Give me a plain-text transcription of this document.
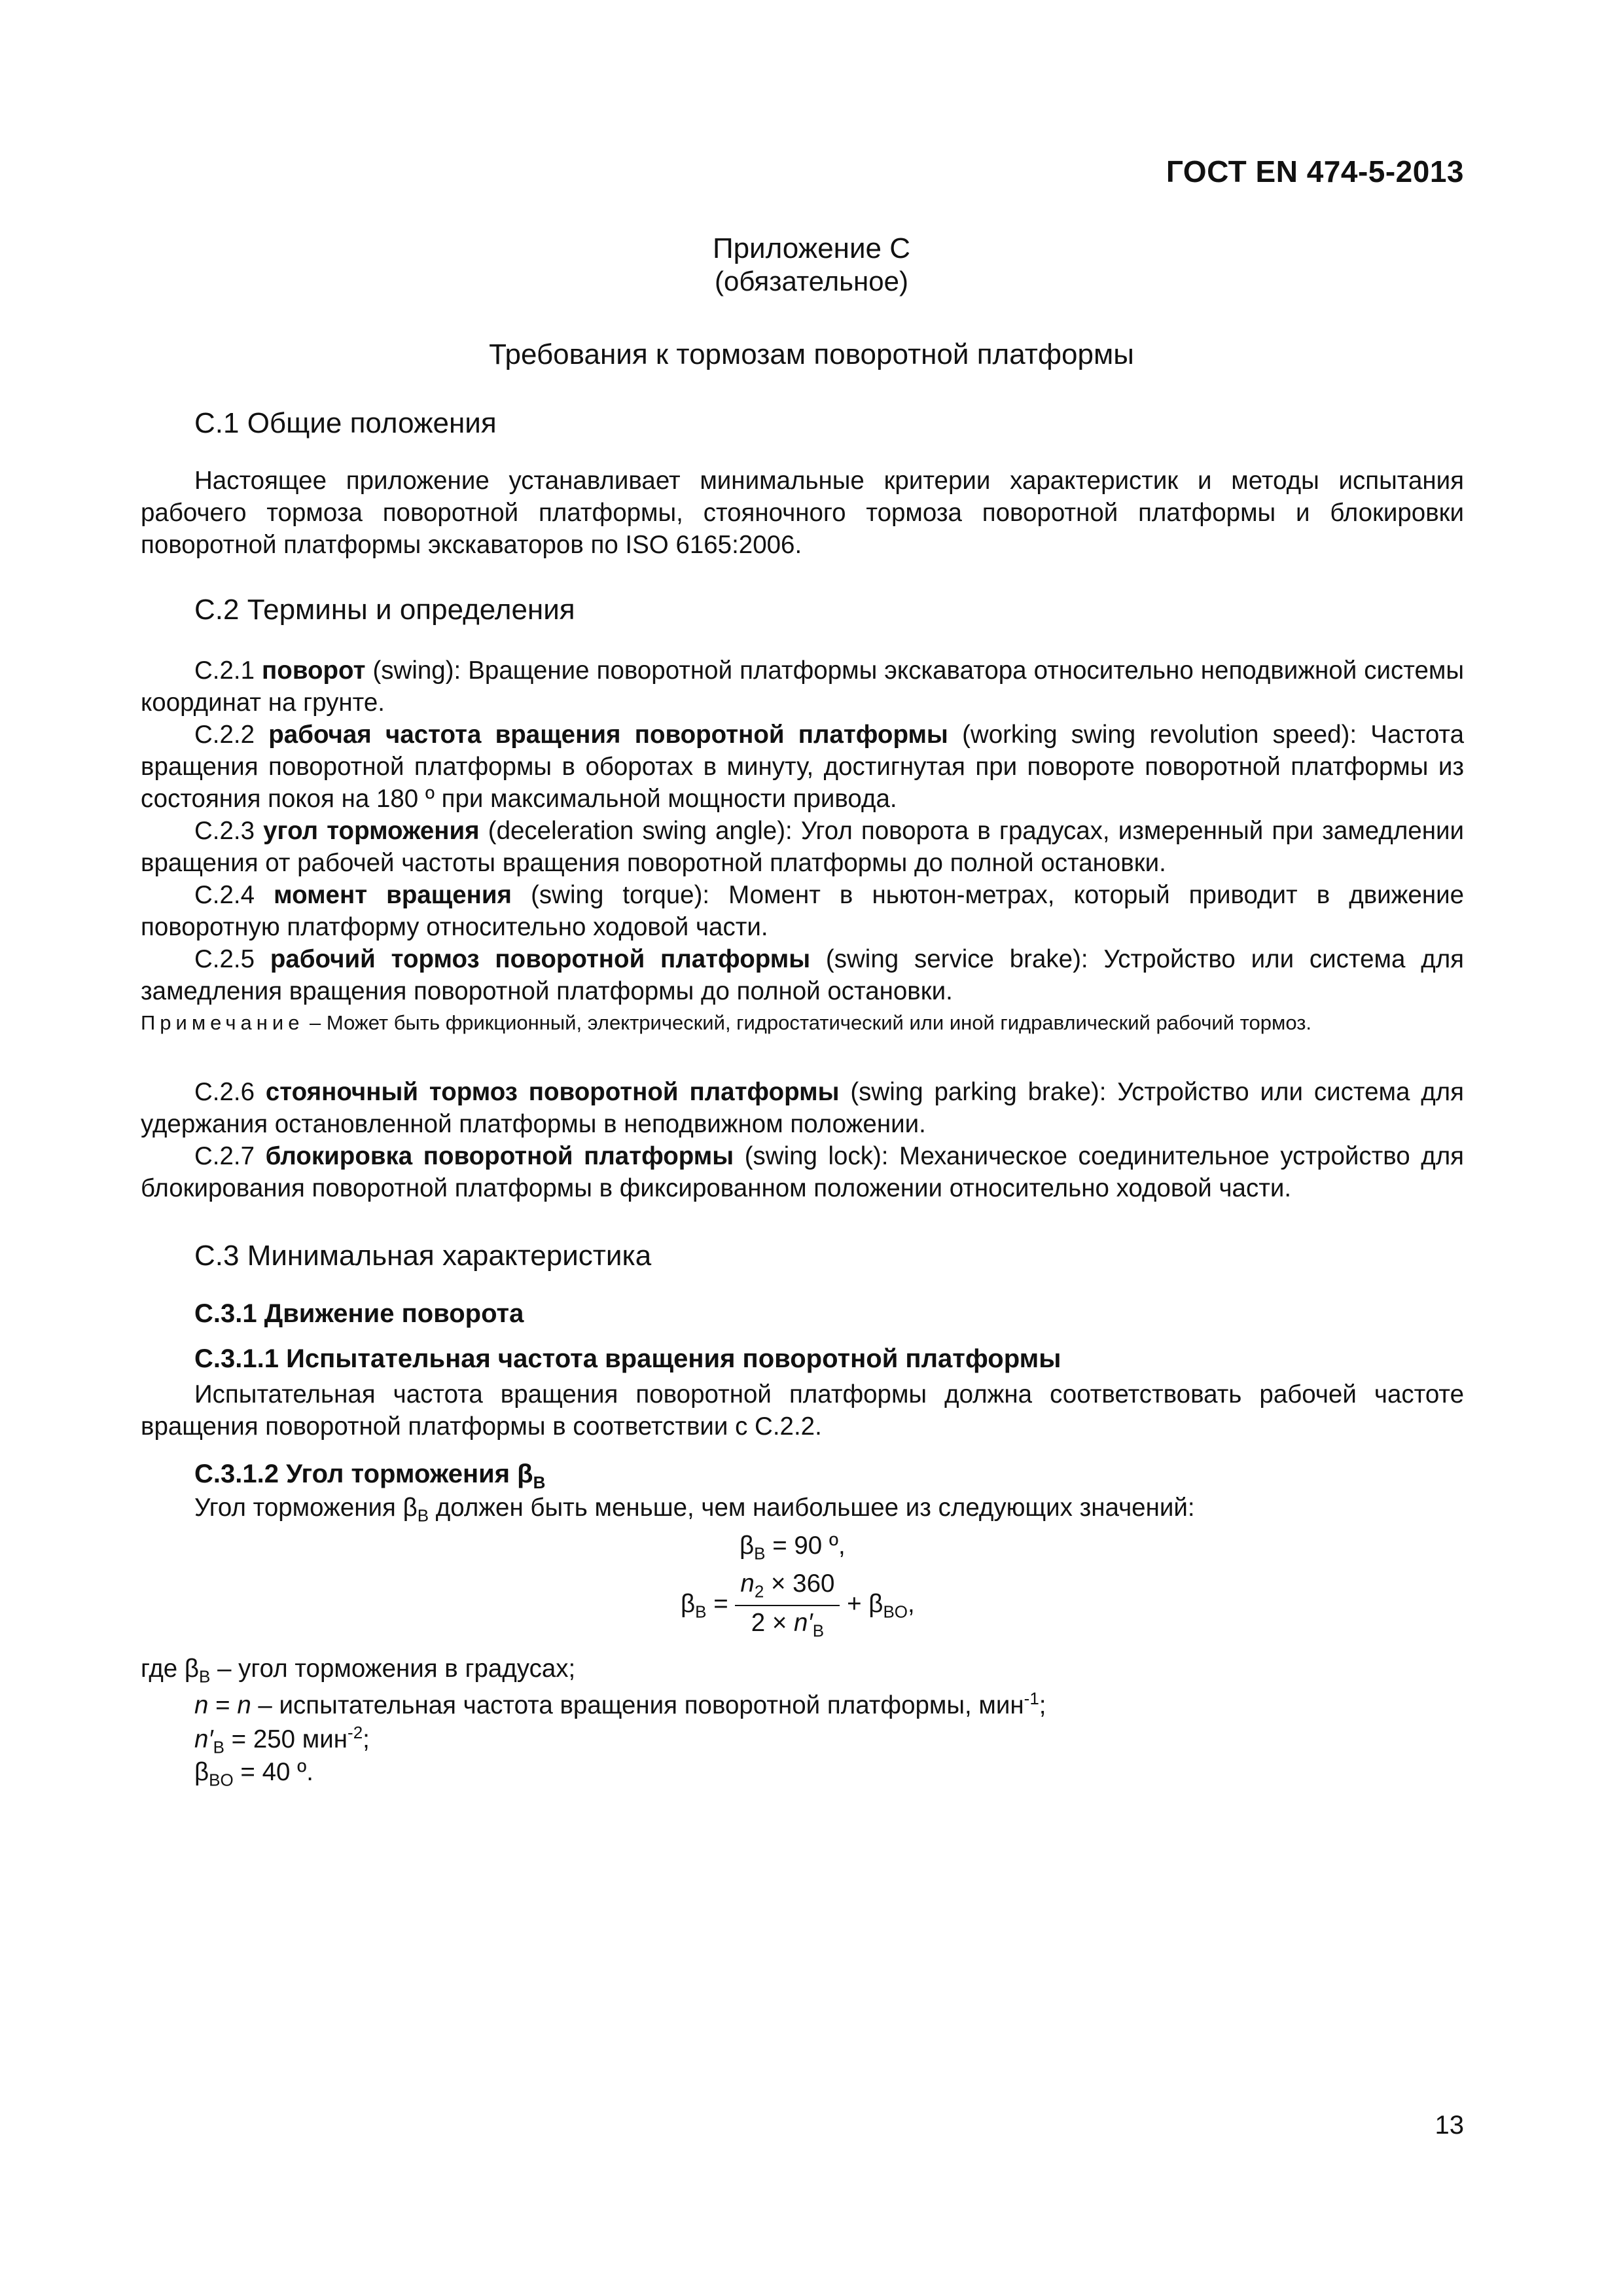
ГОСТ EN 474-5-2013
Приложение С
(обязательное)
Требования к тормозам поворотной платформы
С.1 Общие положения

Настоящее приложение устанавливает минимальные критерии характеристик и методы испытания рабочего тормоза поворотной платформы, стояночного тормоза поворотной платформы и блокировки поворотной платформы экскаваторов по ISO 6165:2006.

С.2 Термины и определения

С.2.1 поворот (swing): Вращение поворотной платформы экскаватора относительно неподвижной системы координат на грунте.

С.2.2 рабочая частота вращения поворотной платформы (working swing revolution speed): Частота вращения поворотной платформы в оборотах в минуту, достигнутая при повороте поворотной платформы из состояния покоя на 180 º при максимальной мощности привода.

С.2.3 угол торможения (deceleration swing angle): Угол поворота в градусах, измеренный при замедлении вращения от рабочей частоты вращения поворотной платформы до полной остановки.

С.2.4 момент вращения (swing torque): Момент в ньютон-метрах, который приводит в движение поворотную платформу относительно ходовой части.

С.2.5 рабочий тормоз поворотной платформы (swing service brake): Устройство или система для замедления вращения поворотной платформы до полной остановки.

Примечание – Может быть фрикционный, электрический, гидростатический или иной гидравлический рабочий тормоз.

С.2.6 стояночный тормоз поворотной платформы (swing parking brake): Устройство или система для удержания остановленной платформы в неподвижном положении.

С.2.7 блокировка поворотной платформы (swing lock): Механическое соединительное устройство для блокирования поворотной платформы в фиксированном положении относительно ходовой части.

С.3 Минимальная характеристика
С.3.1 Движение поворота
С.3.1.1 Испытательная частота вращения поворотной платформы

Испытательная частота вращения поворотной платформы должна соответствовать рабочей частоте вращения поворотной платформы в соответствии с С.2.2.

С.3.1.2 Угол торможения $\beta_B$

Угол торможения $\beta_B$ должен быть меньше, чем наибольшее из следующих значений:

$\beta_B = 90$ º,
$\beta_B = \frac{n_2 \times 360}{2 \times n'_B} + \beta_{BO}$,
где $\beta_B$ – угол торможения в градусах;
n = n – испытательная частота вращения поворотной платформы, мин$^{-1}$;
$n'_B = 250$ мин$^{-2}$;
$\beta_{BO} = 40$ º.
13
